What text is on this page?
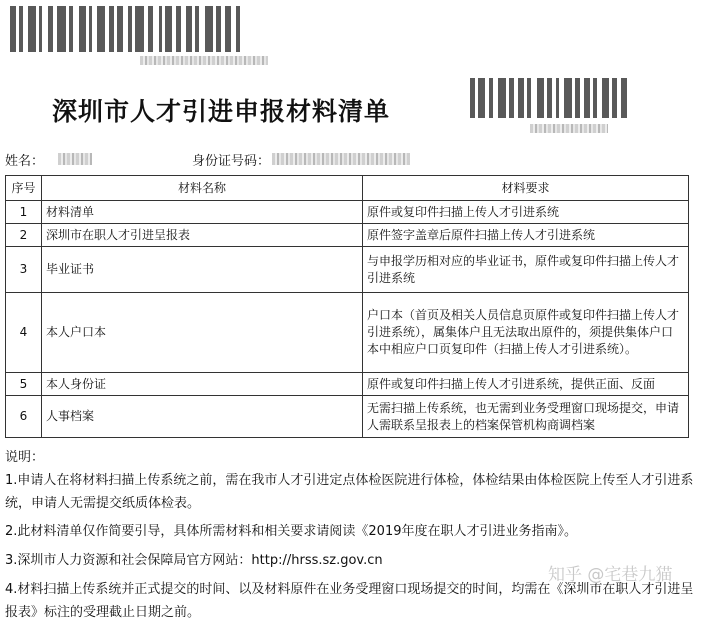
深圳市人才引进申报材料清单
姓名：	身份证号码：
序号	材料名称	材料要求
1	材料清单	原件或复印件扫描上传人才引进系统
2	深圳市在职人才引进呈报表	原件签字盖章后原件扫描上传人才引进系统
3	毕业证书	与申报学历相对应的毕业证书，原件或复印件扫描上传人才引进系统
4	本人户口本	户口本（首页及相关人员信息页原件或复印件扫描上传人才引进系统），属集体户且无法取出原件的，须提供集体户口本中相应户口页复印件（扫描上传人才引进系统）。
5	本人身份证	原件或复印件扫描上传人才引进系统，提供正面、反面
6	人事档案	无需扫描上传系统，也无需到业务受理窗口现场提交，申请人需联系呈报表上的档案保管机构商调档案

说明：

1.申请人在将材料扫描上传系统之前，需在我市人才引进定点体检医院进行体检，体检结果由体检医院上传至人才引进系统，申请人无需提交纸质体检表。

2.此材料清单仅作简要引导，具体所需材料和相关要求请阅读《2019年度在职人才引进业务指南》。

3.深圳市人力资源和社会保障局官方网站：http://hrss.sz.gov.cn

4.材料扫描上传系统并正式提交的时间、以及材料原件在业务受理窗口现场提交的时间，均需在《深圳市在职人才引进呈报表》标注的受理截止日期之前。

知乎 @宅巷九猫
